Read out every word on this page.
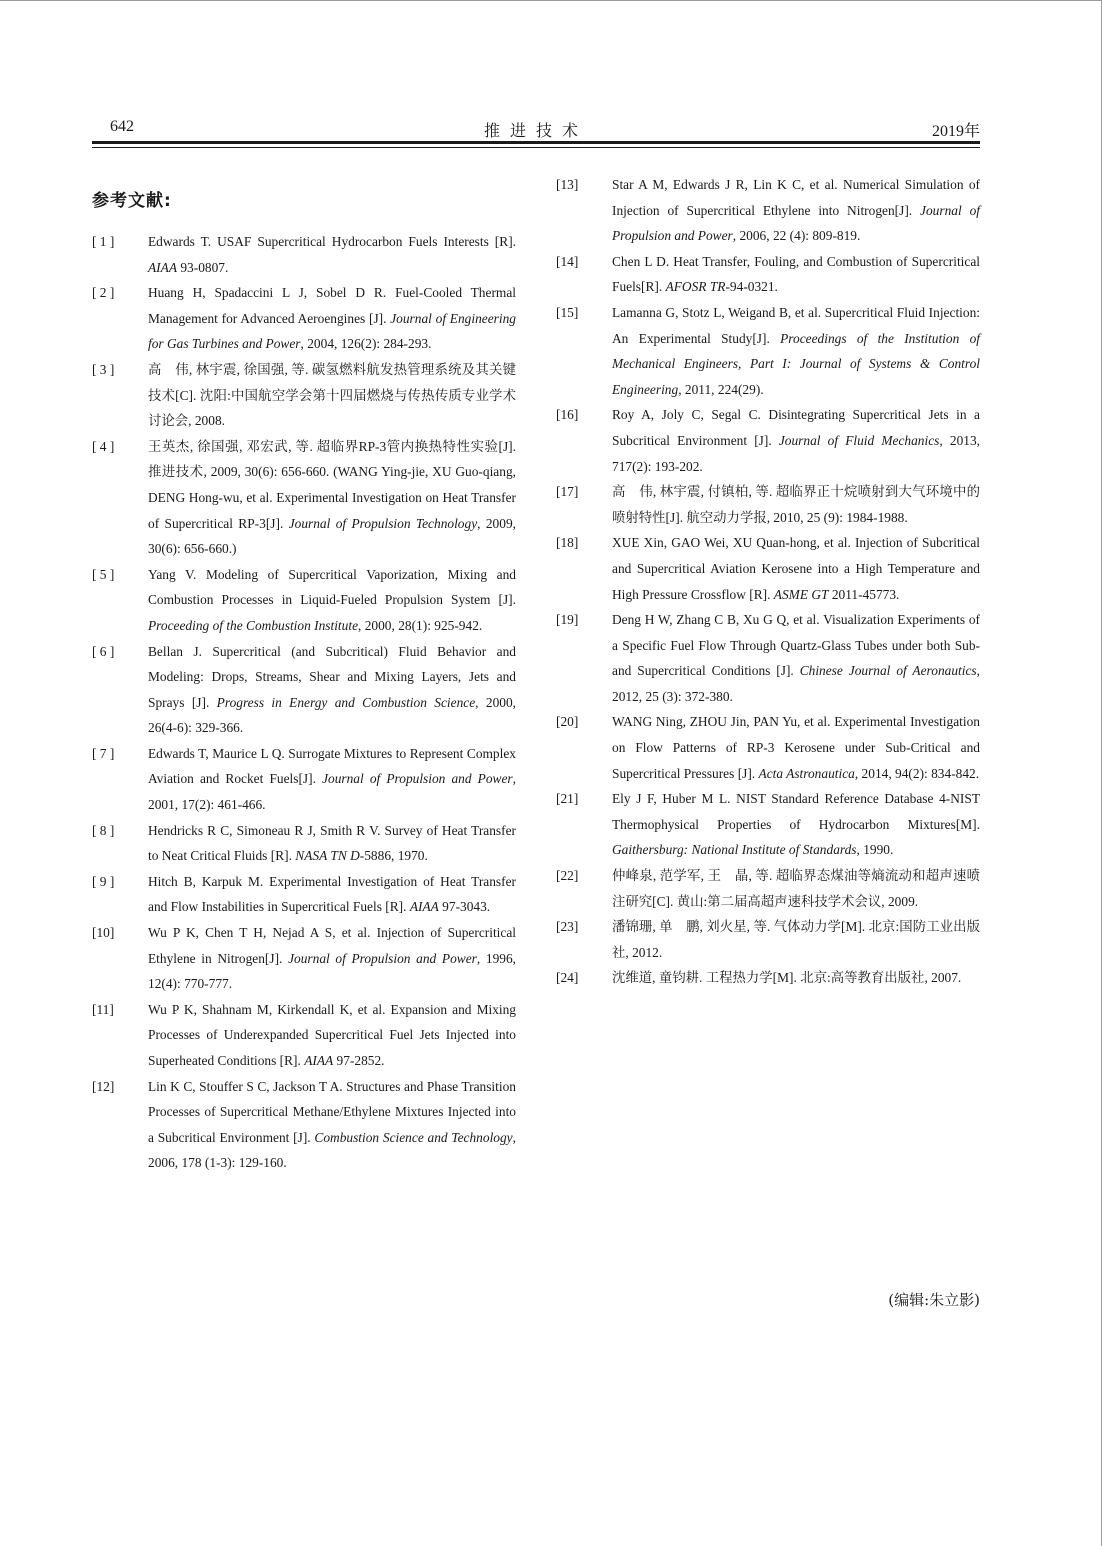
642	推进技术	2019年
参考文献:
[ 1 ]	Edwards T. USAF Supercritical Hydrocarbon Fuels Interests [R]. AIAA 93-0807.
[ 2 ]	Huang H, Spadaccini L J, Sobel D R. Fuel-Cooled Thermal Management for Advanced Aeroengines [J]. Journal of Engineering for Gas Turbines and Power, 2004, 126(2): 284-293.
[ 3 ]	高　伟, 林宇震, 徐国强, 等. 碳氢燃料航发热管理系统及其关键技术[C]. 沈阳:中国航空学会第十四届燃烧与传热传质专业学术讨论会, 2008.
[ 4 ]	王英杰, 徐国强, 邓宏武, 等. 超临界RP-3管内换热特性实验[J]. 推进技术, 2009, 30(6): 656-660. (WANG Ying-jie, XU Guo-qiang, DENG Hong-wu, et al. Experimental Investigation on Heat Transfer of Supercritical RP-3[J]. Journal of Propulsion Technology, 2009, 30(6): 656-660.)
[ 5 ]	Yang V. Modeling of Supercritical Vaporization, Mixing and Combustion Processes in Liquid-Fueled Propulsion System [J]. Proceeding of the Combustion Institute, 2000, 28(1): 925-942.
[ 6 ]	Bellan J. Supercritical (and Subcritical) Fluid Behavior and Modeling: Drops, Streams, Shear and Mixing Layers, Jets and Sprays [J]. Progress in Energy and Combustion Science, 2000, 26(4-6): 329-366.
[ 7 ]	Edwards T, Maurice L Q. Surrogate Mixtures to Represent Complex Aviation and Rocket Fuels[J]. Journal of Propulsion and Power, 2001, 17(2): 461-466.
[ 8 ]	Hendricks R C, Simoneau R J, Smith R V. Survey of Heat Transfer to Neat Critical Fluids [R]. NASA TN D-5886, 1970.
[ 9 ]	Hitch B, Karpuk M. Experimental Investigation of Heat Transfer and Flow Instabilities in Supercritical Fuels [R]. AIAA 97-3043.
[10]	Wu P K, Chen T H, Nejad A S, et al. Injection of Supercritical Ethylene in Nitrogen[J]. Journal of Propulsion and Power, 1996, 12(4): 770-777.
[11]	Wu P K, Shahnam M, Kirkendall K, et al. Expansion and Mixing Processes of Underexpanded Supercritical Fuel Jets Injected into Superheated Conditions [R]. AIAA 97-2852.
[12]	Lin K C, Stouffer S C, Jackson T A. Structures and Phase Transition Processes of Supercritical Methane/Ethylene Mixtures Injected into a Subcritical Environment [J]. Combustion Science and Technology, 2006, 178 (1-3): 129-160.
[13]	Star A M, Edwards J R, Lin K C, et al. Numerical Simulation of Injection of Supercritical Ethylene into Nitrogen[J]. Journal of Propulsion and Power, 2006, 22 (4): 809-819.
[14]	Chen L D. Heat Transfer, Fouling, and Combustion of Supercritical Fuels[R]. AFOSR TR-94-0321.
[15]	Lamanna G, Stotz L, Weigand B, et al. Supercritical Fluid Injection: An Experimental Study[J]. Proceedings of the Institution of Mechanical Engineers, Part I: Journal of Systems & Control Engineering, 2011, 224(29).
[16]	Roy A, Joly C, Segal C. Disintegrating Supercritical Jets in a Subcritical Environment [J]. Journal of Fluid Mechanics, 2013, 717(2): 193-202.
[17]	高　伟, 林宇震, 付镇柏, 等. 超临界正十烷喷射到大气环境中的喷射特性[J]. 航空动力学报, 2010, 25 (9): 1984-1988.
[18]	XUE Xin, GAO Wei, XU Quan-hong, et al. Injection of Subcritical and Supercritical Aviation Kerosene into a High Temperature and High Pressure Crossflow [R]. ASME GT 2011-45773.
[19]	Deng H W, Zhang C B, Xu G Q, et al. Visualization Experiments of a Specific Fuel Flow Through Quartz-Glass Tubes under both Sub-and Supercritical Conditions [J]. Chinese Journal of Aeronautics, 2012, 25 (3): 372-380.
[20]	WANG Ning, ZHOU Jin, PAN Yu, et al. Experimental Investigation on Flow Patterns of RP-3 Kerosene under Sub-Critical and Supercritical Pressures [J]. Acta Astronautica, 2014, 94(2): 834-842.
[21]	Ely J F, Huber M L. NIST Standard Reference Database 4-NIST Thermophysical Properties of Hydrocarbon Mixtures[M]. Gaithersburg: National Institute of Standards, 1990.
[22]	仲峰泉, 范学军, 王　晶, 等. 超临界态煤油等熵流动和超声速喷注研究[C]. 黄山:第二届高超声速科技学术会议, 2009.
[23]	潘锦珊, 单　鹏, 刘火星, 等. 气体动力学[M]. 北京:国防工业出版社, 2012.
[24]	沈维道, 童钧耕. 工程热力学[M]. 北京:高等教育出版社, 2007.
(编辑:朱立影)
